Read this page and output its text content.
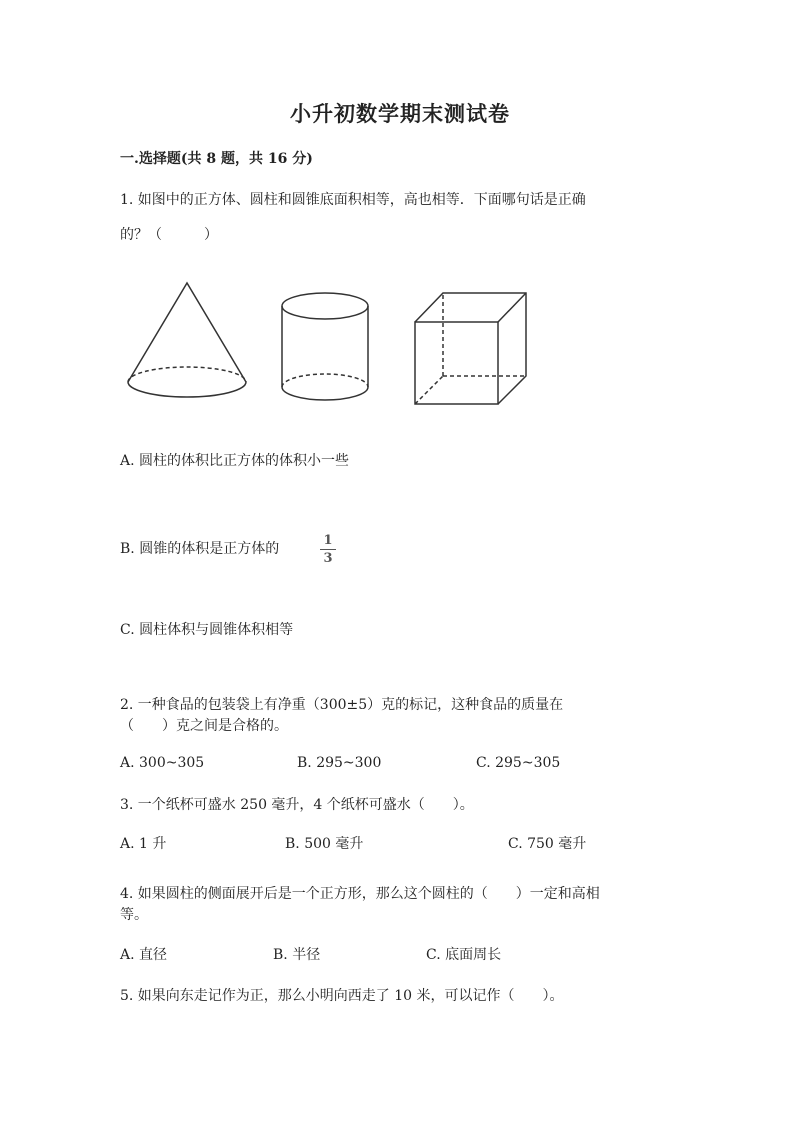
小升初数学期末测试卷
一.选择题(共 8 题，共 16 分)
1. 如图中的正方体、圆柱和圆锥底面积相等，高也相等．下面哪句话是正确
的？（　　　）
A. 圆柱的体积比正方体的体积小一些
B. 圆锥的体积是正方体的
1
3
C. 圆柱体积与圆锥体积相等
2. 一种食品的包装袋上有净重（300±5）克的标记，这种食品的质量在
（　　）克之间是合格的。
A. 300~305	B. 295~300	C. 295~305
3. 一个纸杯可盛水 250 毫升，4 个纸杯可盛水（　　）。
A. 1 升	B. 500 毫升	C. 750 毫升
4. 如果圆柱的侧面展开后是一个正方形，那么这个圆柱的（　　）一定和高相
等。
A. 直径	B. 半径	C. 底面周长
5. 如果向东走记作为正，那么小明向西走了 10 米，可以记作（　　）。
